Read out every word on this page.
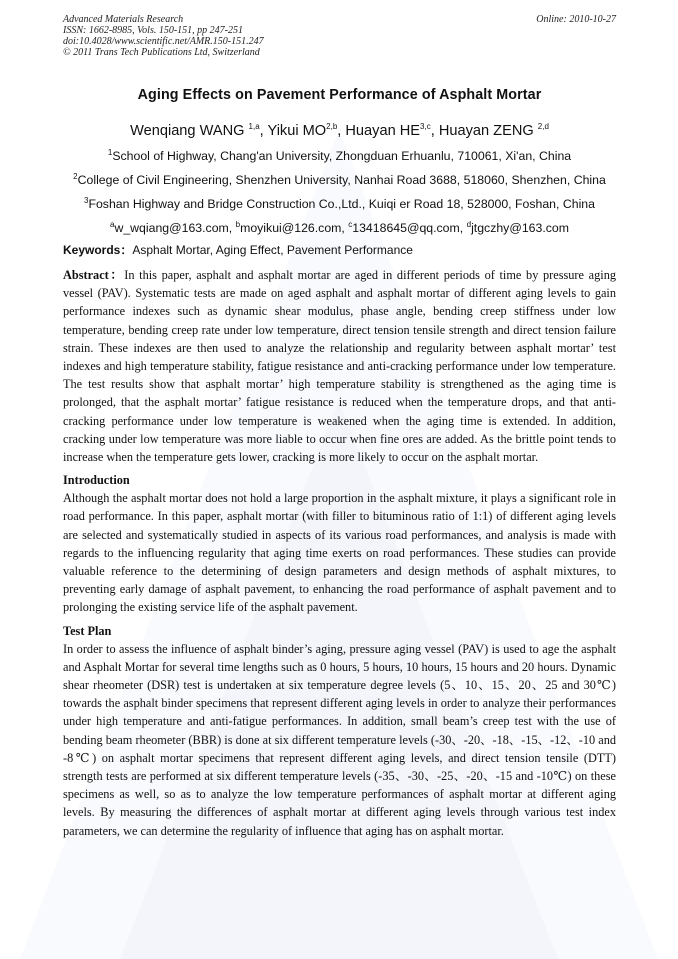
Advanced Materials Research
ISSN: 1662-8985, Vols. 150-151, pp 247-251
doi:10.4028/www.scientific.net/AMR.150-151.247
© 2011 Trans Tech Publications Ltd, Switzerland
Online: 2010-10-27
Aging Effects on Pavement Performance of Asphalt Mortar
Wenqiang WANG $^{1,a}$, Yikui MO$^{2,b}$, Huayan HE$^{3,c}$, Huayan ZENG $^{2,d}$
$^1$School of Highway, Chang'an University, Zhongduan Erhuanlu, 710061, Xi'an, China
$^2$College of Civil Engineering, Shenzhen University, Nanhai Road 3688, 518060, Shenzhen, China
$^3$Foshan Highway and Bridge Construction Co.,Ltd., Kuiqi er Road 18, 528000, Foshan, China
$^a$w_wqiang@163.com, $^b$moyikui@126.com, $^c$13418645@qq.com, $^d$jtgczhy@163.com
Keywords：Asphalt Mortar, Aging Effect, Pavement Performance
Abstract：In this paper, asphalt and asphalt mortar are aged in different periods of time by pressure aging vessel (PAV). Systematic tests are made on aged asphalt and asphalt mortar of different aging levels to gain performance indexes such as dynamic shear modulus, phase angle, bending creep stiffness under low temperature, bending creep rate under low temperature, direct tension tensile strength and direct tension failure strain. These indexes are then used to analyze the relationship and regularity between asphalt mortar’ test indexes and high temperature stability, fatigue resistance and anti-cracking performance under low temperature. The test results show that asphalt mortar’ high temperature stability is strengthened as the aging time is prolonged, that the asphalt mortar’ fatigue resistance is reduced when the temperature drops, and that anti-cracking performance under low temperature is weakened when the aging time is extended. In addition, cracking under low temperature was more liable to occur when fine ores are added. As the brittle point tends to increase when the temperature gets lower, cracking is more likely to occur on the asphalt mortar.
Introduction
Although the asphalt mortar does not hold a large proportion in the asphalt mixture, it plays a significant role in road performance. In this paper, asphalt mortar (with filler to bituminous ratio of 1:1) of different aging levels are selected and systematically studied in aspects of its various road performances, and analysis is made with regards to the influencing regularity that aging time exerts on road performances. These studies can provide valuable reference to the determining of design parameters and design methods of asphalt mixtures, to preventing early damage of asphalt pavement, to enhancing the road performance of asphalt pavement and to prolonging the existing service life of the asphalt pavement.
Test Plan
In order to assess the influence of asphalt binder’s aging, pressure aging vessel (PAV) is used to age the asphalt and Asphalt Mortar for several time lengths such as 0 hours, 5 hours, 10 hours, 15 hours and 20 hours. Dynamic shear rheometer (DSR) test is undertaken at six temperature degree levels (5、10、15、20、25 and 30℃) towards the asphalt binder specimens that represent different aging levels in order to analyze their performances under high temperature and anti-fatigue performances. In addition, small beam’s creep test with the use of bending beam rheometer (BBR) is done at six different temperature levels (-30、-20、-18、-15、-12、-10 and -8℃) on asphalt mortar specimens that represent different aging levels, and direct tension tensile (DTT) strength tests are performed at six different temperature levels (-35、-30、-25、-20、-15 and -10℃) on these specimens as well, so as to analyze the low temperature performances of asphalt mortar at different aging levels. By measuring the differences of asphalt mortar at different aging levels through various test index parameters, we can determine the regularity of influence that aging has on asphalt mortar.
